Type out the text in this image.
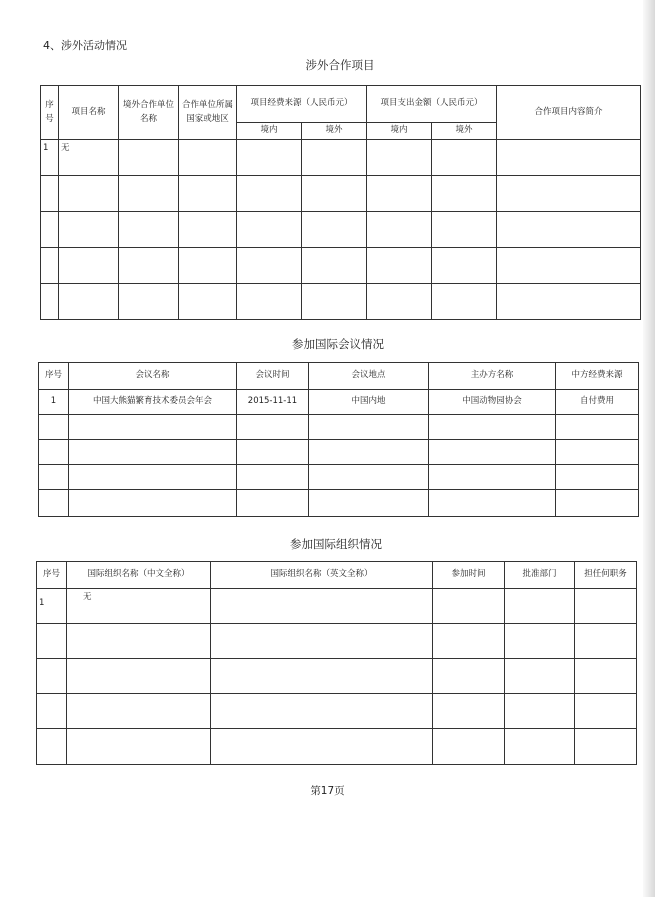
4、涉外活动情况
涉外合作项目
序号	项目名称	境外合作单位名称	合作单位所属国家或地区	项目经费来源（人民币元）		项目支出金额（人民币元）		合作项目内容简介
				境内	境外	境内	境外	
1	无							

参加国际会议情况
序号	会议名称	会议时间	会议地点	主办方名称	中方经费来源
1	中国大熊猫繁育技术委员会年会	2015-11-11	中国内地	中国动物园协会	自付费用

参加国际组织情况
序号	国际组织名称（中文全称）	国际组织名称（英文全称）	参加时间	批准部门	担任何职务
1	无				

第17页
